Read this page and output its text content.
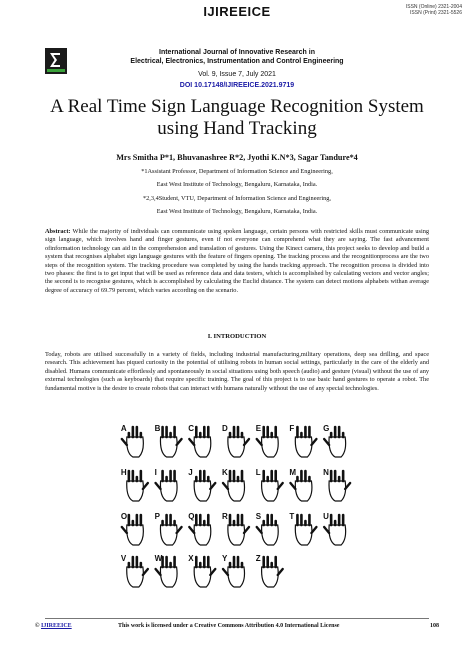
IJIREEICE	ISSN (Online) 2321-2004
ISSN (Print) 2321-5526
International Journal of Innovative Research in
Electrical, Electronics, Instrumentation and Control Engineering
Vol. 9, Issue 7, July 2021
DOI 10.17148/IJIREEICE.2021.9719
A Real Time Sign Language Recognition System
using Hand Tracking
Mrs Smitha P*1, Bhuvanashree R*2, Jyothi K.N*3, Sagar Tandure*4
*1Assistant Professor, Department of Information Science and Engineering,
East West Institute of Technology, Bengaluru, Karnataka, India.
*2,3,4Student, VTU, Department of Information Science and Engineering,
East West Institute of Technology, Bengaluru, Karnataka, India.
Abstract: While the majority of individuals can communicate using spoken language, certain persons with restricted skills must communicate using sign language, which involves hand and finger gestures, even if not everyone can comprehend what they are saying. The fast advancement ofinformation technology can aid in the comprehension and translation of gestures. Using the Kinect camera, this project seeks to develop and build a system that recognises alphabet sign language gestures with the feature of fingers opening. The tracking process and the recognitionprocess are the two steps of the recognition system. The tracking procedure was completed by using the hands tracking approach. The recognition process is divided into two phases: the first is to get input that will be used as reference data and data testers, which is accomplished by calculating vectors and vector angles; the second is to recognise gestures, which is accomplished by calculating the Euclid distance. The system can detect motions alphabets withan average degree of accuracy of 69.79 percent, which varies according on the scenario.
I. INTRODUCTION
Today, robots are utilised successfully in a variety of fields, including industrial manufacturing,military operations, deep sea drilling, and space research. This achievement has piqued curiosity in the potential of utilising robots in human social settings, particularly in the care of the elderly and disabled. Humans communicate effortlessly and spontaneously in social situations using both speech (audio) and gesture (visual) without the use of any external technologies (such as keyboards) that require specific training. The goal of this project is to use basic hand gestures to operate a robot. The fundamental motive is the desire to create robots that can interact with humans naturally without the use of any special technologies.
A	B	C	D	E	F	G
H	I	J	K	L	M	N
O	P	Q	R	S	T	U
V	W	X	Y	Z
© IJIREEICE	This work is licensed under a Creative Commons Attribution 4.0 International License	108
